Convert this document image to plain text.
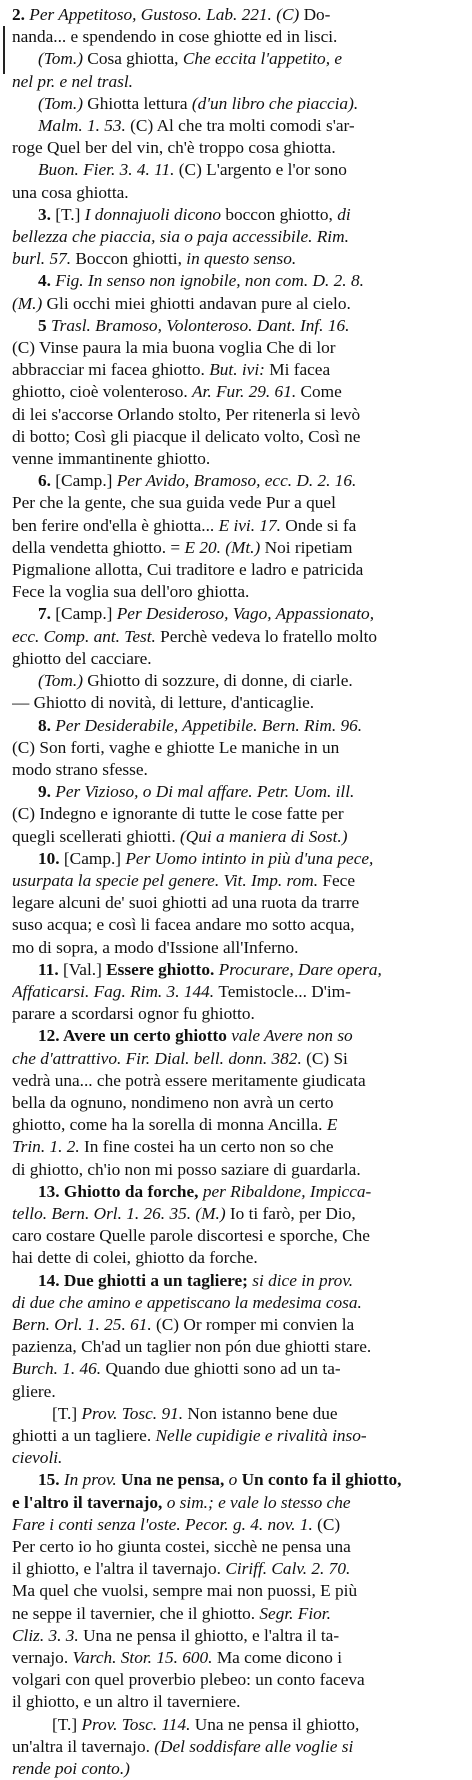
2. Per Appetitoso, Gustoso. Lab. 221. (C) Do-
nanda... e spendendo in cose ghiotte ed in lisci.
(Tom.) Cosa ghiotta, Che eccita l'appetito, e
nel pr. e nel trasl.
(Tom.) Ghiotta lettura (d'un libro che piaccia).
Malm. 1. 53. (C) Al che tra molti comodi s'ar-
roge Quel ber del vin, ch'è troppo cosa ghiotta.
Buon. Fier. 3. 4. 11. (C) L'argento e l'or sono
una cosa ghiotta.
3. [T.] I donnajuoli dicono boccon ghiotto, di
bellezza che piaccia, sia o paja accessibile. Rim.
burl. 57. Boccon ghiotti, in questo senso.
4. Fig. In senso non ignobile, non com. D. 2. 8.
(M.) Gli occhi miei ghiotti andavan pure al cielo.
5 Trasl. Bramoso, Volonteroso. Dant. Inf. 16.
(C) Vinse paura la mia buona voglia Che di lor
abbracciar mi facea ghiotto. But. ivi: Mi facea
ghiotto, cioè volenteroso. Ar. Fur. 29. 61. Come
di lei s'accorse Orlando stolto, Per ritenerla si levò
di botto; Così gli piacque il delicato volto, Così ne
venne immantinente ghiotto.
6. [Camp.] Per Avido, Bramoso, ecc. D. 2. 16.
Per che la gente, che sua guida vede Pur a quel
ben ferire ond'ella è ghiotta... E ivi. 17. Onde si fa
della vendetta ghiotto. = E 20. (Mt.) Noi ripetiam
Pigmalione allotta, Cui traditore e ladro e patricida
Fece la voglia sua dell'oro ghiotta.
7. [Camp.] Per Desideroso, Vago, Appassionato,
ecc. Comp. ant. Test. Perchè vedeva lo fratello molto
ghiotto del cacciare.
(Tom.) Ghiotto di sozzure, di donne, di ciarle.
— Ghiotto di novità, di letture, d'anticaglie.
8. Per Desiderabile, Appetibile. Bern. Rim. 96.
(C) Son forti, vaghe e ghiotte Le maniche in un
modo strano sfesse.
9. Per Vizioso, o Di mal affare. Petr. Uom. ill.
(C) Indegno e ignorante di tutte le cose fatte per
quegli scellerati ghiotti. (Qui a maniera di Sost.)
10. [Camp.] Per Uomo intinto in più d'una pece,
usurpata la specie pel genere. Vit. Imp. rom. Fece
legare alcuni de' suoi ghiotti ad una ruota da trarre
suso acqua; e così li facea andare mo sotto acqua,
mo di sopra, a modo d'Issione all'Inferno.
11. [Val.] Essere ghiotto. Procurare, Dare opera,
Affaticarsi. Fag. Rim. 3. 144. Temistocle... D'im-
parare a scordarsi ognor fu ghiotto.
12. Avere un certo ghiotto vale Avere non so
che d'attrattivo. Fir. Dial. bell. donn. 382. (C) Si
vedrà una... che potrà essere meritamente giudicata
bella da ognuno, nondimeno non avrà un certo
ghiotto, come ha la sorella di monna Ancilla. E
Trin. 1. 2. In fine costei ha un certo non so che
di ghiotto, ch'io non mi posso saziare di guardarla.
13. Ghiotto da forche, per Ribaldone, Impicca-
tello. Bern. Orl. 1. 26. 35. (M.) Io ti farò, per Dio,
caro costare Quelle parole discortesi e sporche, Che
hai dette di colei, ghiotto da forche.
14. Due ghiotti a un tagliere; si dice in prov.
di due che amino e appetiscano la medesima cosa.
Bern. Orl. 1. 25. 61. (C) Or romper mi convien la
pazienza, Ch'ad un taglier non pón due ghiotti stare.
Burch. 1. 46. Quando due ghiotti sono ad un ta-
gliere.
[T.] Prov. Tosc. 91. Non istanno bene due
ghiotti a un tagliere. Nelle cupidigie e rivalità inso-
cievoli.
15. In prov. Una ne pensa, o Un conto fa il ghiotto,
e l'altro il tavernajo, o sim.; e vale lo stesso che
Fare i conti senza l'oste. Pecor. g. 4. nov. 1. (C)
Per certo io ho giunta costei, sicchè ne pensa una
il ghiotto, e l'altra il tavernajo. Ciriff. Calv. 2. 70.
Ma quel che vuolsi, sempre mai non puossi, E più
ne seppe il tavernier, che il ghiotto. Segr. Fior.
Cliz. 3. 3. Una ne pensa il ghiotto, e l'altra il ta-
vernajo. Varch. Stor. 15. 600. Ma come dicono i
volgari con quel proverbio plebeo: un conto faceva
il ghiotto, e un altro il taverniere.
[T.] Prov. Tosc. 114. Una ne pensa il ghiotto,
un'altra il tavernajo. (Del soddisfare alle voglie si
rende poi conto.)
